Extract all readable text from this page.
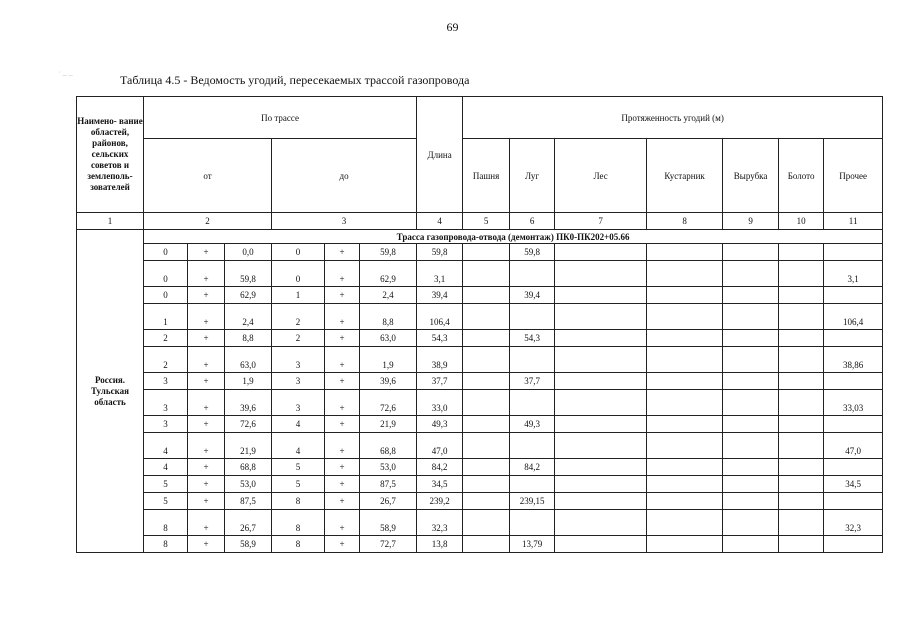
69
Таблица 4.5 - Ведомость угодий, пересекаемых трассой газопровода
Наимено- вание областей, районов, сельских советов и землеполь- зователей	По трассе						Длина	Протяженность угодий (м)	
	от			до				Пашня	Луг	Лес	Кустарник	Вырубка	Болото	Прочее	
1	2			3			4	5	6	7	8	9	10	11	
Россия. Тульская область	Трасса газопровода-отвода (демонтаж) ПК0-ПК202+05.66														
	0	+	0,0	0	+	59,8	59,8		59,8						
	0	+	59,8	0	+	62,9	3,1							3,1	
	0	+	62,9	1	+	2,4	39,4		39,4						
	1	+	2,4	2	+	8,8	106,4							106,4	
	2	+	8,8	2	+	63,0	54,3		54,3						
	2	+	63,0	3	+	1,9	38,9							38,86	
	3	+	1,9	3	+	39,6	37,7		37,7						
	3	+	39,6	3	+	72,6	33,0							33,03	
	3	+	72,6	4	+	21,9	49,3		49,3						
	4	+	21,9	4	+	68,8	47,0							47,0	
	4	+	68,8	5	+	53,0	84,2		84,2						
	5	+	53,0	5	+	87,5	34,5							34,5	
	5	+	87,5	8	+	26,7	239,2		239,15						
	8	+	26,7	8	+	58,9	32,3							32,3	
	8	+	58,9	8	+	72,7	13,8		13,79						
˙ ‒ ‒
